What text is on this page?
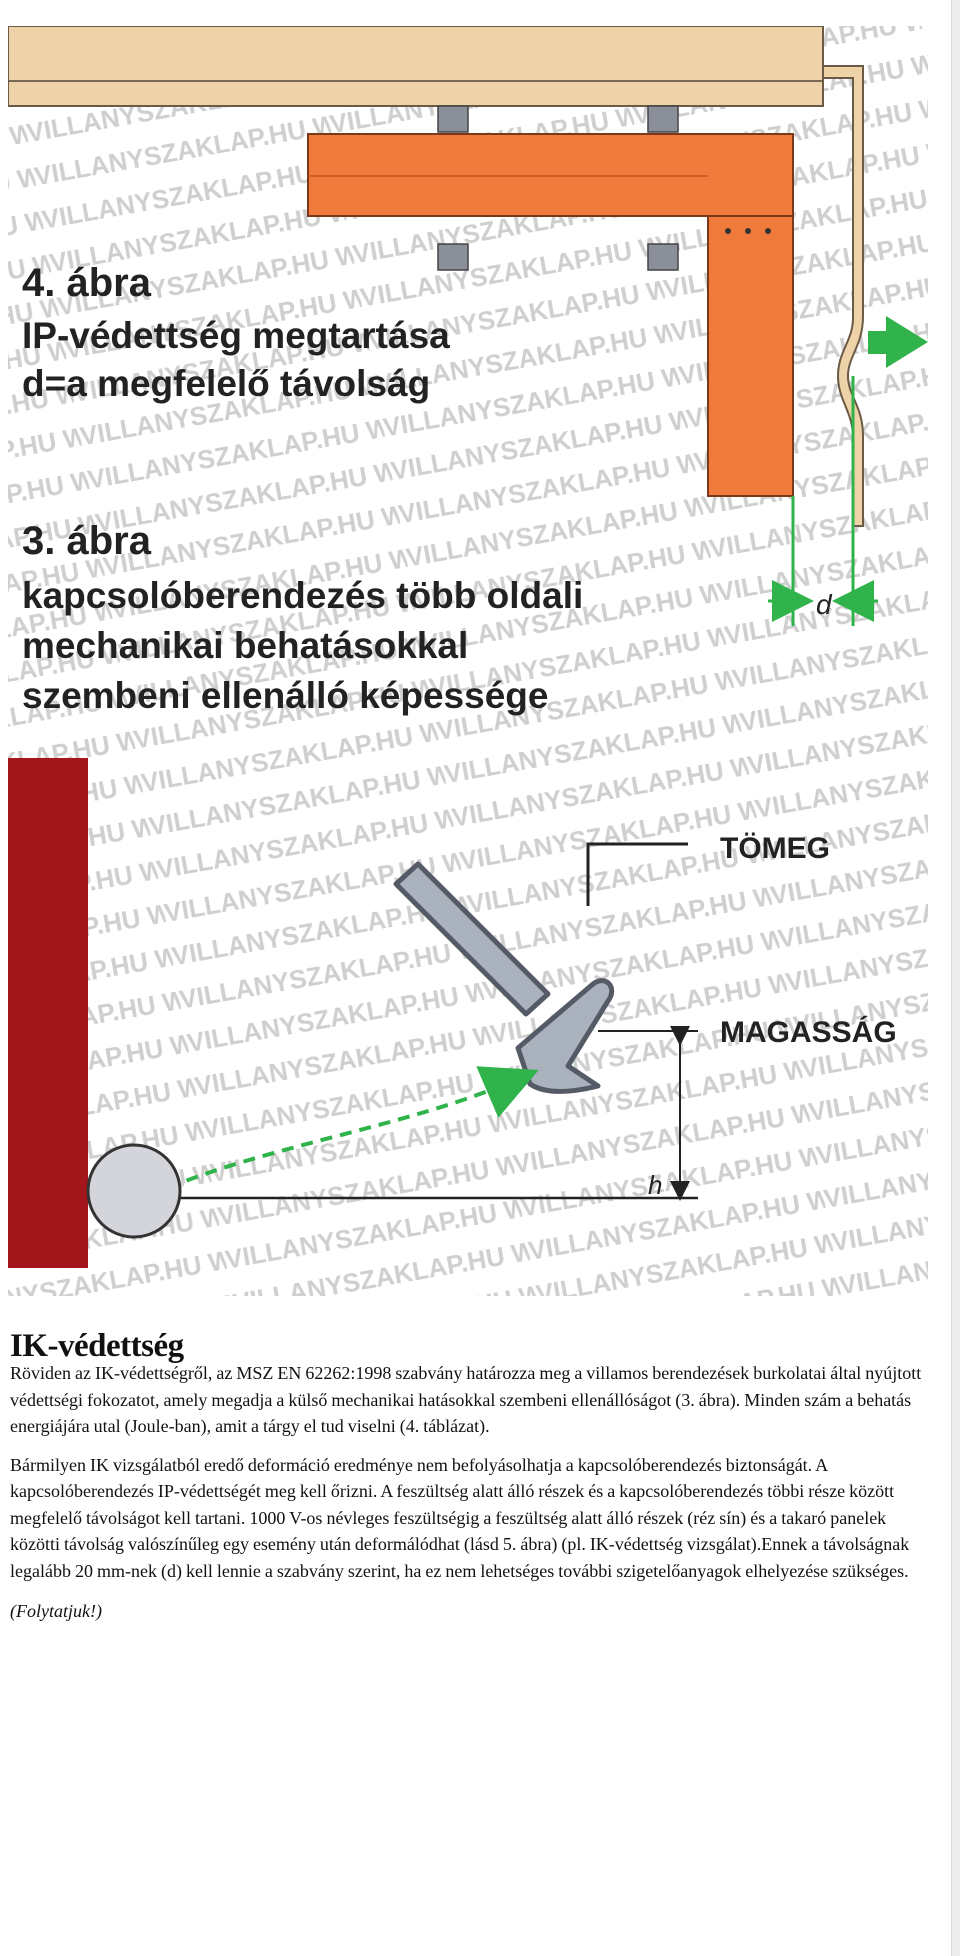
d
4. ábra
IP-védettség megtartása
d=a megfelelő távolság
3. ábra
kapcsolóberendezés több oldali
mechanikai behatásokkal
szembeni ellenálló képessége
TÖMEG
MAGASSÁG
h
IK-védettség

Röviden az IK-védettségről, az MSZ EN 62262:1998 szabvány határozza meg a villamos berendezések burkolatai által nyújtott védettségi fokozatot, amely megadja a külső mechanikai hatásokkal szembeni ellenállóságot (3. ábra). Minden szám a behatás energiájára utal (Joule-ban), amit a tárgy el tud viselni (4. táblázat).

Bármilyen IK vizsgálatból eredő deformáció eredménye nem befolyásolhatja a kapcsolóberendezés biztonságát. A kapcsolóberendezés IP-védettségét meg kell őrizni. A feszültség alatt álló részek és a kapcsolóberendezés többi része között megfelelő távolságot kell tartani. 1000 V-os névleges feszültségig a feszültség alatt álló részek (réz sín) és a takaró panelek közötti távolság valószínűleg egy esemény után deformálódhat (lásd 5. ábra) (pl. IK-védettség vizsgálat).Ennek a távolságnak legalább 20 mm-nek (d) kell lennie a szabvány szerint, ha ez nem lehetséges további szigetelőanyagok elhelyezése szükséges.

(Folytatjuk!)
